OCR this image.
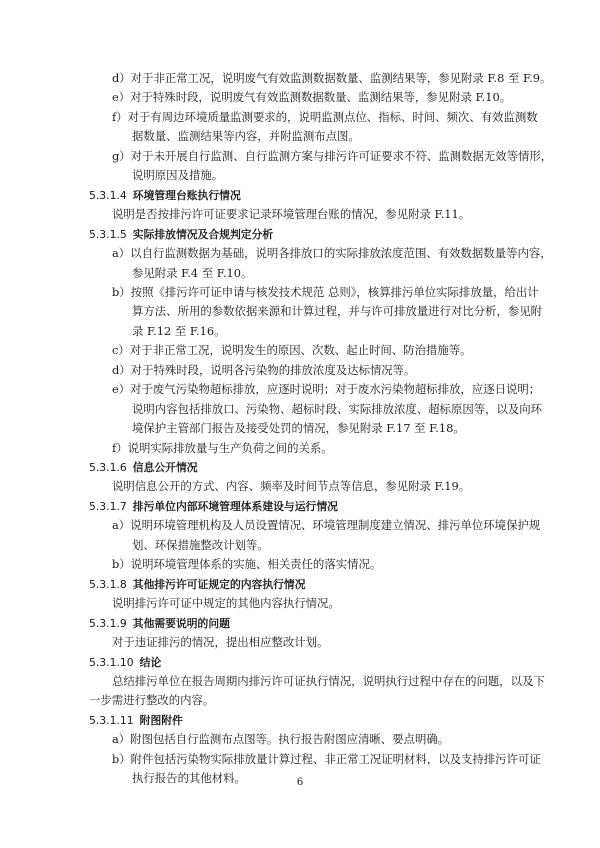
d）对于非正常工况，说明废气有效监测数据数量、监测结果等，参见附录 F.8 至 F.9。
e）对于特殊时段，说明废气有效监测数据数量、监测结果等，参见附录 F.10。
f）对于有周边环境质量监测要求的，说明监测点位、指标、时间、频次、有效监测数
据数量、监测结果等内容，并附监测布点图。
g）对于未开展自行监测、自行监测方案与排污许可证要求不符、监测数据无效等情形，
说明原因及措施。
5.3.1.4 环境管理台账执行情况
说明是否按排污许可证要求记录环境管理台账的情况，参见附录 F.11。
5.3.1.5 实际排放情况及合规判定分析
a）以自行监测数据为基础，说明各排放口的实际排放浓度范围、有效数据数量等内容，
参见附录 F.4 至 F.10。
b）按照《排污许可证申请与核发技术规范 总则》，核算排污单位实际排放量，给出计
算方法、所用的参数依据来源和计算过程，并与许可排放量进行对比分析，参见附
录 F.12 至 F.16。
c）对于非正常工况，说明发生的原因、次数、起止时间、防治措施等。
d）对于特殊时段，说明各污染物的排放浓度及达标情况等。
e）对于废气污染物超标排放，应逐时说明；对于废水污染物超标排放，应逐日说明；
说明内容包括排放口、污染物、超标时段、实际排放浓度、超标原因等，以及向环
境保护主管部门报告及接受处罚的情况，参见附录 F.17 至 F.18。
f）说明实际排放量与生产负荷之间的关系。
5.3.1.6 信息公开情况
说明信息公开的方式、内容、频率及时间节点等信息，参见附录 F.19。
5.3.1.7 排污单位内部环境管理体系建设与运行情况
a）说明环境管理机构及人员设置情况、环境管理制度建立情况、排污单位环境保护规
划、环保措施整改计划等。
b）说明环境管理体系的实施、相关责任的落实情况。
5.3.1.8 其他排污许可证规定的内容执行情况
说明排污许可证中规定的其他内容执行情况。
5.3.1.9 其他需要说明的问题
对于违证排污的情况，提出相应整改计划。
5.3.1.10 结论
总结排污单位在报告周期内排污许可证执行情况，说明执行过程中存在的问题，以及下
一步需进行整改的内容。
5.3.1.11 附图附件
a）附图包括自行监测布点图等。执行报告附图应清晰、要点明确。
b）附件包括污染物实际排放量计算过程、非正常工况证明材料，以及支持排污许可证
执行报告的其他材料。	6
